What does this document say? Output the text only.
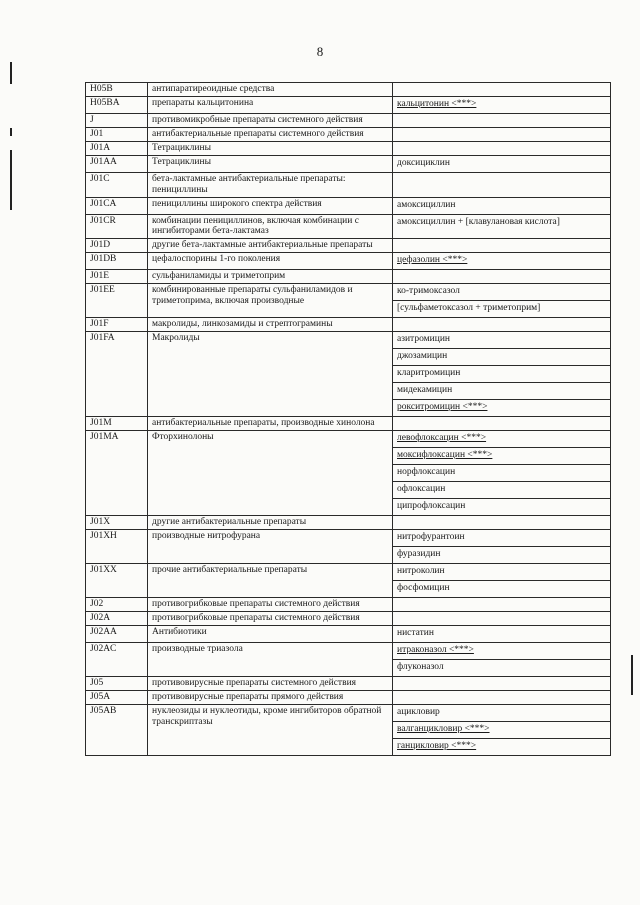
8
H05B	антипаратиреоидные средства	
H05BA	препараты кальцитонина	кальцитонин <***>

J	противомикробные препараты системного действия	
J01	антибактериальные препараты системного действия	
J01A	Тетрациклины	
J01AA	Тетрациклины	доксициклин

J01C	бета-лактамные антибактериальные препараты: пенициллины	
J01CA	пенициллины широкого спектра действия	амоксициллин

J01CR	комбинации пенициллинов, включая комбинации с ингибиторами бета-лактамаз	амоксициллин + [клавулановая кислота]

J01D	другие бета-лактамные антибактериальные препараты	
J01DB	цефалоспорины 1-го поколения	цефазолин <***>

J01E	сульфаниламиды и триметоприм	
J01EE	комбинированные препараты сульфаниламидов и триметоприма, включая производные	ко-тримоксазол
[сульфаметоксазол + триметоприм]

J01F	макролиды, линкозамиды и стрептограмины	
J01FA	Макролиды	азитромицин
джозамицин
кларитромицин
мидекамицин
рокситромицин <***>

J01M	антибактериальные препараты, производные хинолона	
J01MA	Фторхинолоны	левофлоксацин <***>
моксифлоксацин <***>
норфлоксацин
офлоксацин
ципрофлоксацин

J01X	другие антибактериальные препараты	
J01XH	производные нитрофурана	нитрофурантоин
фуразидин

J01XX	прочие антибактериальные препараты	нитроколин
фосфомицин

J02	противогрибковые препараты системного действия	
J02A	противогрибковые препараты системного действия	
J02AA	Антибиотики	нистатин

J02AC	производные триазола	итраконазол <***>
флуконазол

J05	противовирусные препараты системного действия	
J05A	противовирусные препараты прямого действия	
J05AB	нуклеозиды и нуклеотиды, кроме ингибиторов обратной транскриптазы	ацикловир
валганцикловир <***>
ганцикловир <***>
